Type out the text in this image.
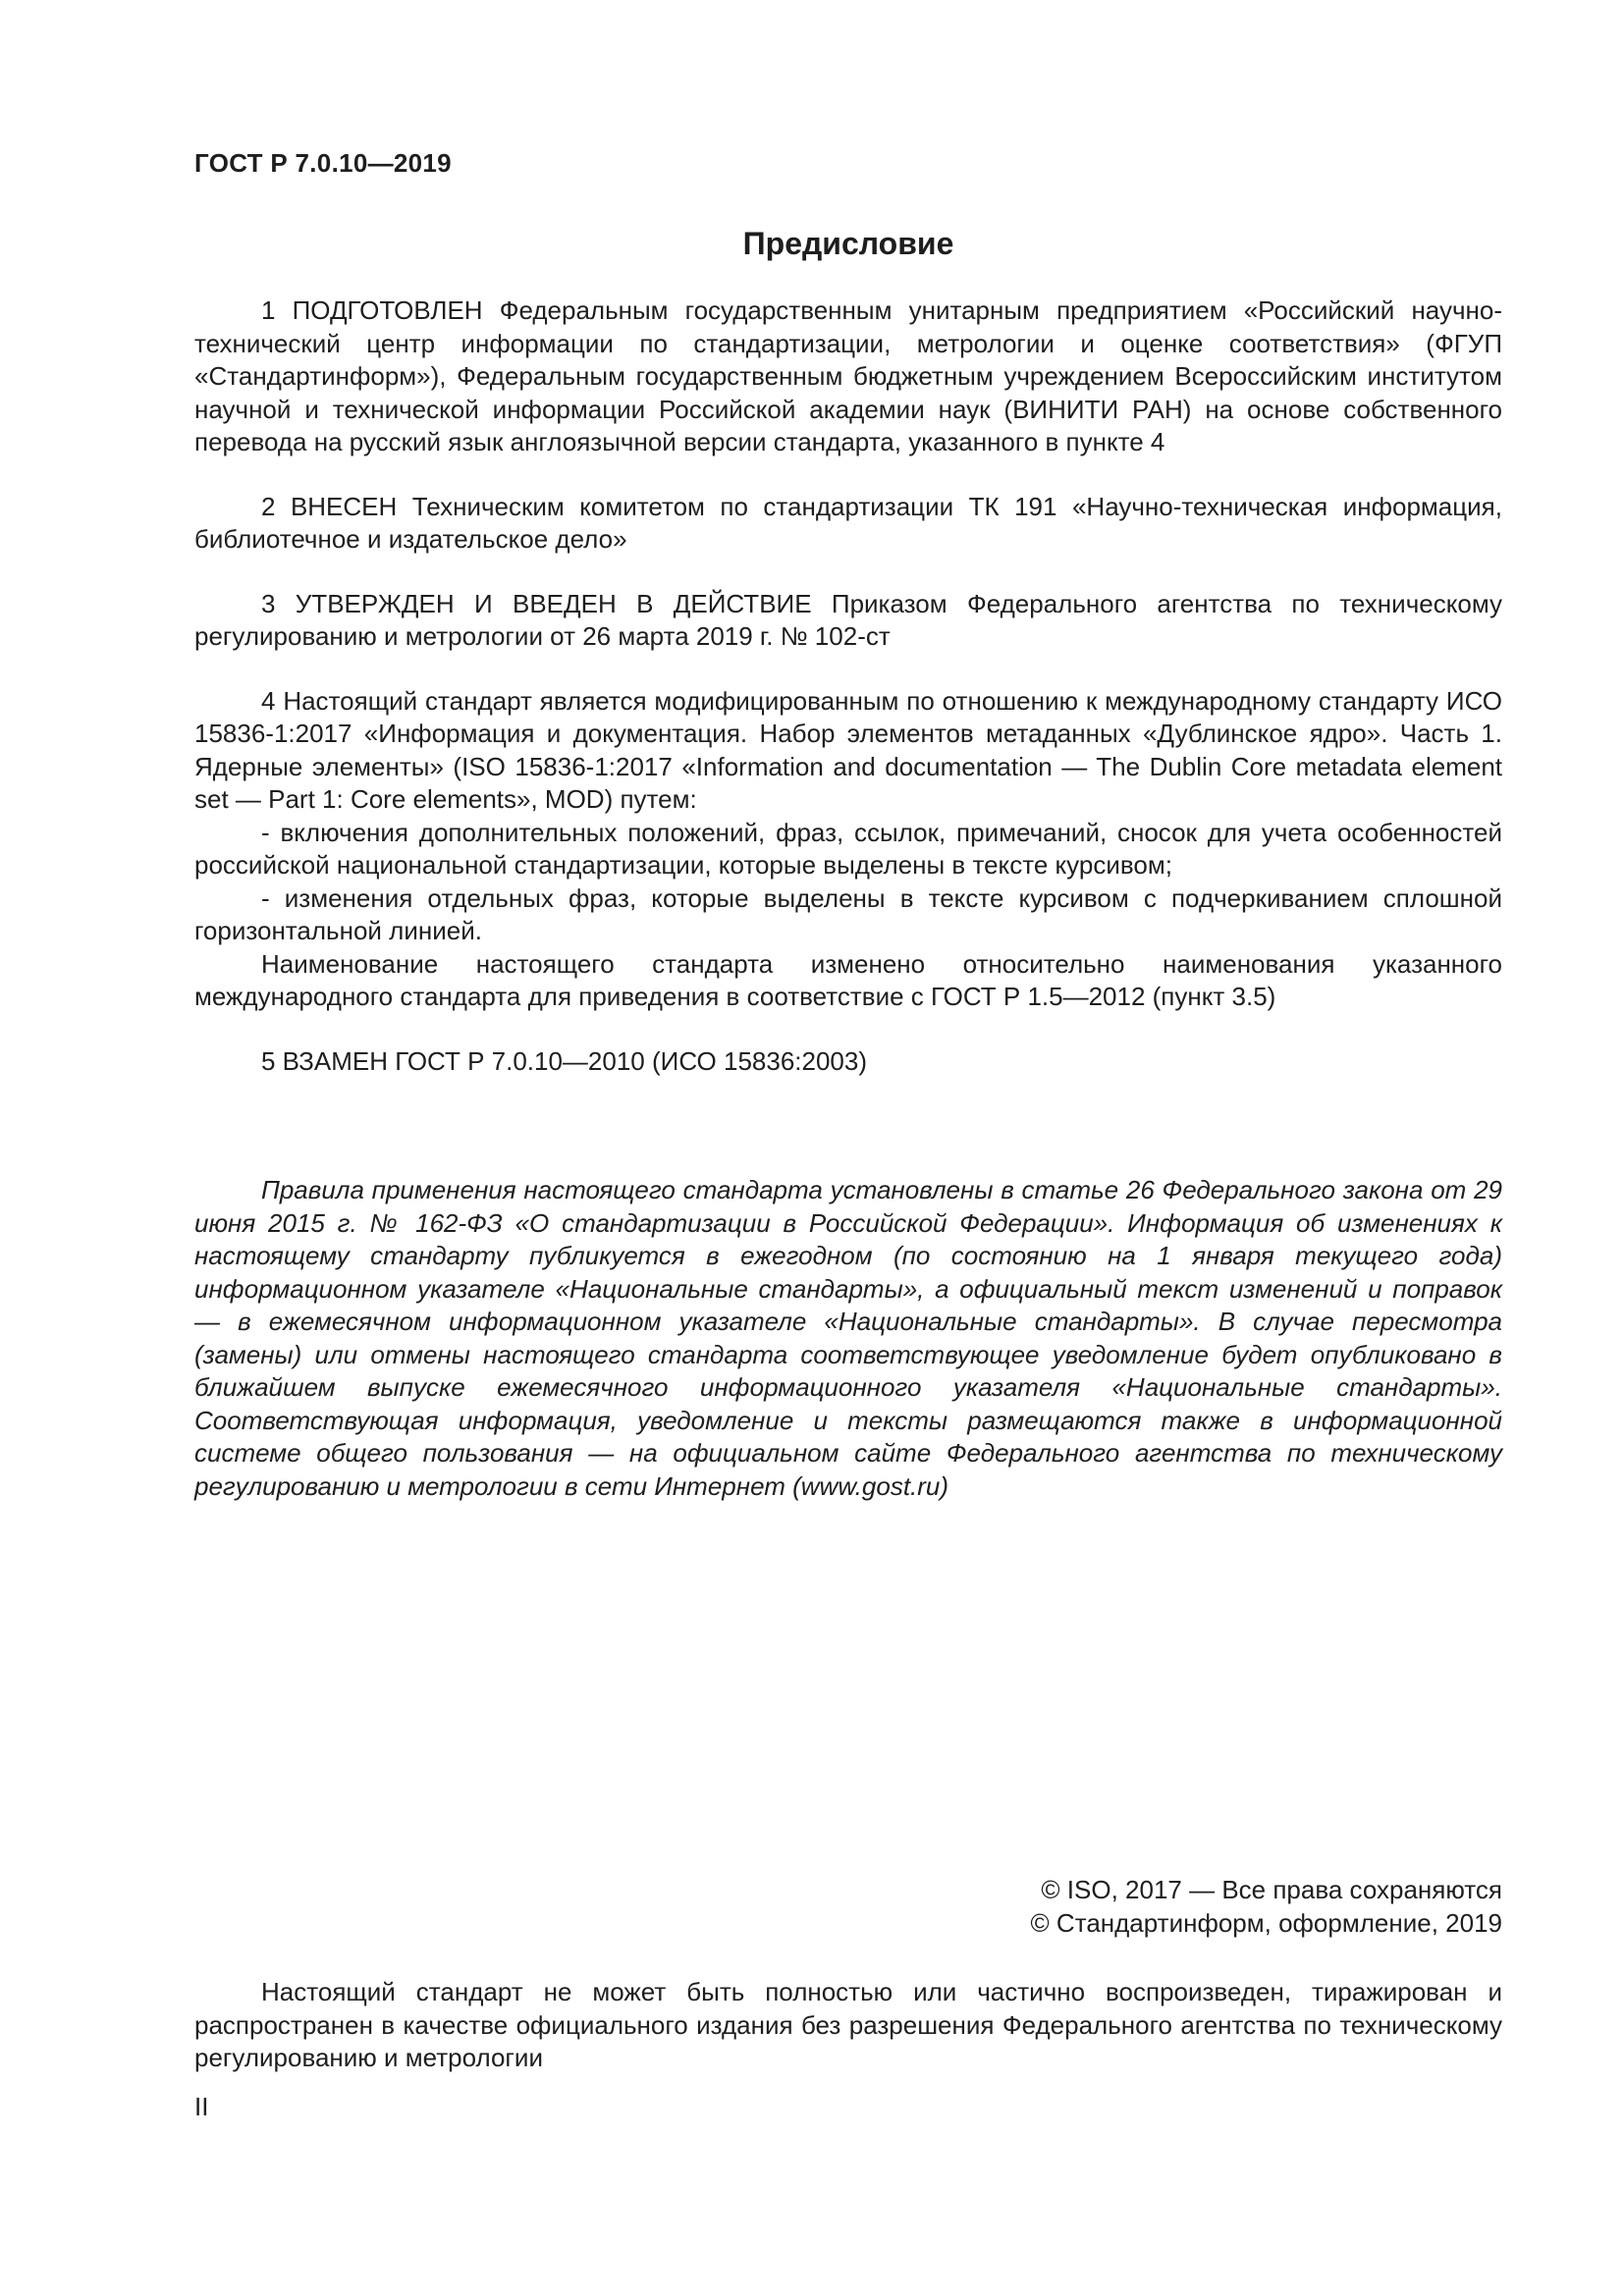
ГОСТ Р 7.0.10—2019
Предисловие

1 ПОДГОТОВЛЕН Федеральным государственным унитарным предприятием «Российский научно-технический центр информации по стандартизации, метрологии и оценке соответствия» (ФГУП «Стандартинформ»), Федеральным государственным бюджетным учреждением Всероссийским институтом научной и технической информации Российской академии наук (ВИНИТИ РАН) на основе собственного перевода на русский язык англоязычной версии стандарта, указанного в пункте 4

2 ВНЕСЕН Техническим комитетом по стандартизации ТК 191 «Научно-техническая информация, библиотечное и издательское дело»

3 УТВЕРЖДЕН И ВВЕДЕН В ДЕЙСТВИЕ Приказом Федерального агентства по техническому регулированию и метрологии от 26 марта 2019 г. № 102-ст

4 Настоящий стандарт является модифицированным по отношению к международному стандарту ИСО 15836-1:2017 «Информация и документация. Набор элементов метаданных «Дублинское ядро». Часть 1. Ядерные элементы» (ISO 15836-1:2017 «Information and documentation — The Dublin Core metadata element set — Part 1: Core elements», MOD) путем:

- включения дополнительных положений, фраз, ссылок, примечаний, сносок для учета особенностей российской национальной стандартизации, которые выделены в тексте курсивом;

- изменения отдельных фраз, которые выделены в тексте курсивом с подчеркиванием сплошной горизонтальной линией.

Наименование настоящего стандарта изменено относительно наименования указанного международного стандарта для приведения в соответствие с ГОСТ Р 1.5—2012 (пункт 3.5)

5 ВЗАМЕН ГОСТ Р 7.0.10—2010 (ИСО 15836:2003)

Правила применения настоящего стандарта установлены в статье 26 Федерального закона от 29 июня 2015 г. № 162-ФЗ «О стандартизации в Российской Федерации». Информация об изменениях к настоящему стандарту публикуется в ежегодном (по состоянию на 1 января текущего года) информационном указателе «Национальные стандарты», а официальный текст изменений и поправок — в ежемесячном информационном указателе «Национальные стандарты». В случае пересмотра (замены) или отмены настоящего стандарта соответствующее уведомление будет опубликовано в ближайшем выпуске ежемесячного информационного указателя «Национальные стандарты». Соответствующая информация, уведомление и тексты размещаются также в информационной системе общего пользования — на официальном сайте Федерального агентства по техническому регулированию и метрологии в сети Интернет (www.gost.ru)

© ISO, 2017 — Все права сохраняются
© Стандартинформ, оформление, 2019

Настоящий стандарт не может быть полностью или частично воспроизведен, тиражирован и распространен в качестве официального издания без разрешения Федерального агентства по техническому регулированию и метрологии

II
